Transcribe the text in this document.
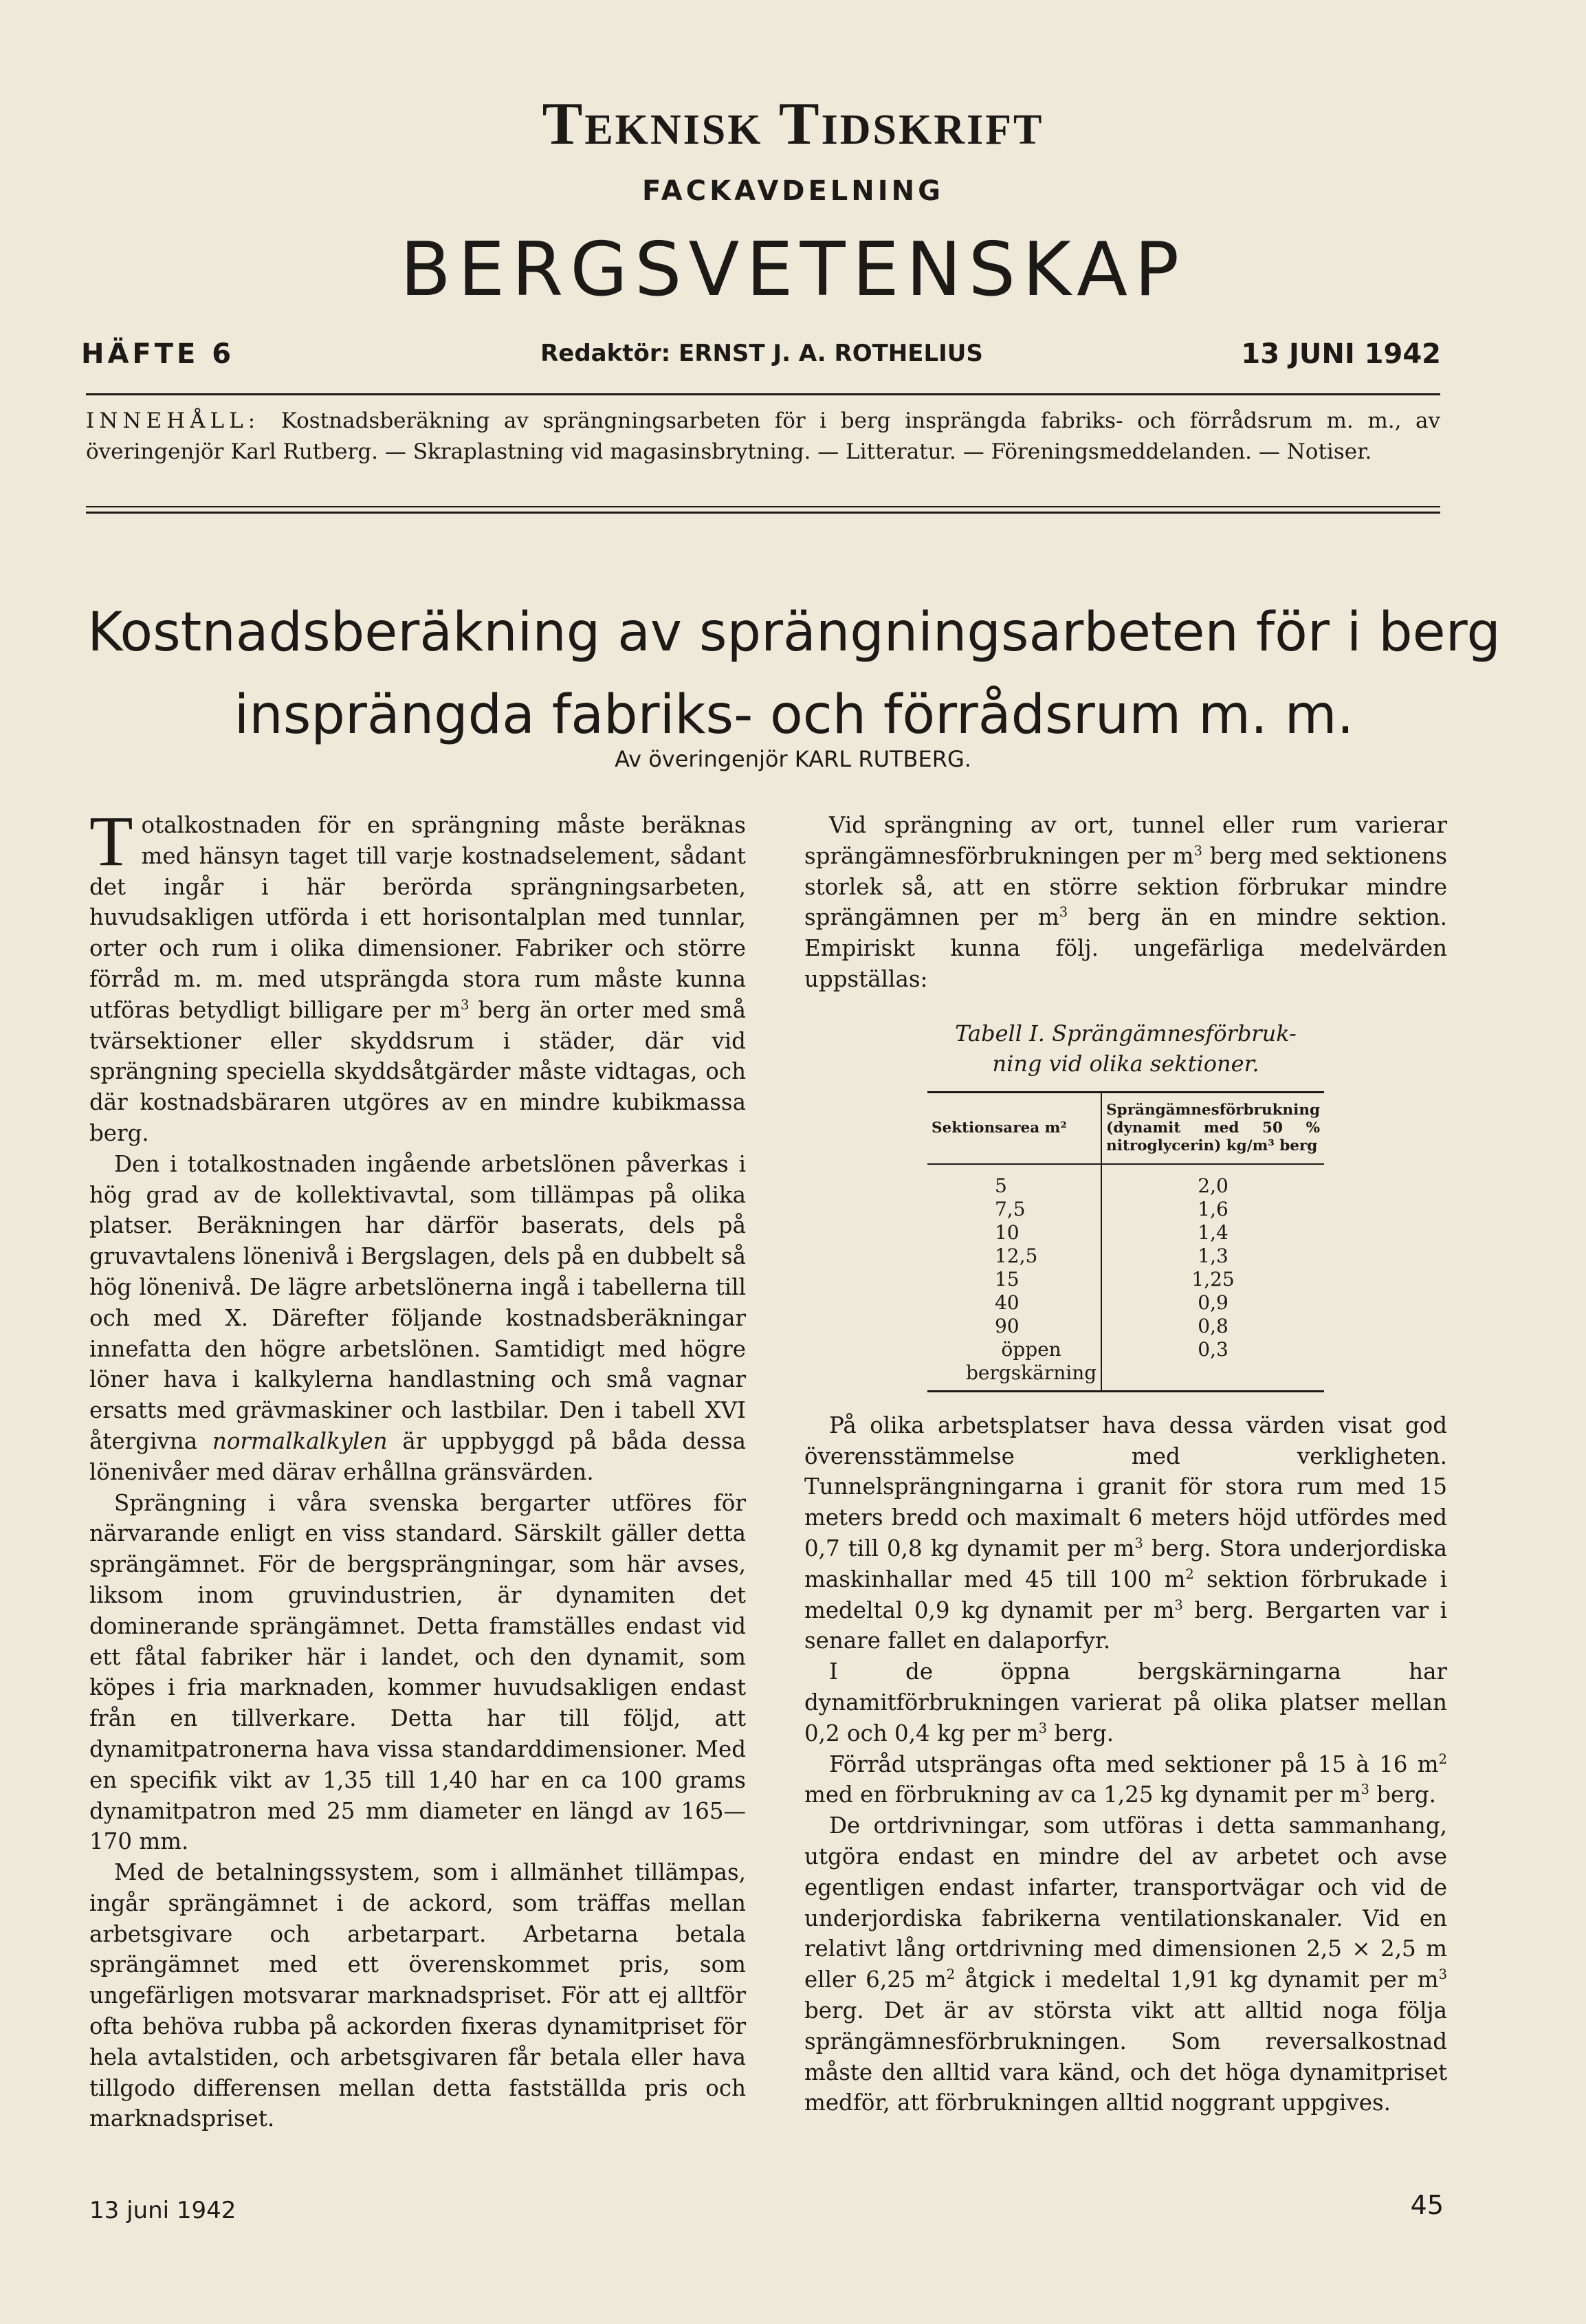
Teknisk Tidskrift
FACKAVDELNING
BERGSVETENSKAP
HÄFTE 6	Redaktör: ERNST J. A. ROTHELIUS	13 JUNI 1942
INNEHÅLL: Kostnadsberäkning av sprängningsarbeten för i berg insprängda fabriks- och förrådsrum m. m., av överingenjör Karl Rutberg. — Skraplastning vid magasinsbrytning. — Litteratur. — Föreningsmeddelanden. — Notiser.
Kostnadsberäkning av sprängningsarbeten för i berg insprängda fabriks- och förrådsrum m. m.
Av överingenjör KARL RUTBERG.

Totalkostnaden för en sprängning måste beräknas med hänsyn taget till varje kostnadselement, sådant det ingår i här berörda sprängningsarbeten, huvudsakligen utförda i ett horisontalplan med tunnlar, orter och rum i olika dimensioner. Fabriker och större förråd m. m. med utsprängda stora rum måste kunna utföras betydligt billigare per $m^3$ berg än orter med små tvärsektioner eller skyddsrum i städer, där vid sprängning speciella skyddsåtgärder måste vidtagas, och där kostnadsbäraren utgöres av en mindre kubikmassa berg.

Den i totalkostnaden ingående arbetslönen påverkas i hög grad av de kollektivavtal, som tillämpas på olika platser. Beräkningen har därför baserats, dels på gruvavtalens lönenivå i Bergslagen, dels på en dubbelt så hög lönenivå. De lägre arbetslönerna ingå i tabellerna till och med X. Därefter följande kostnadsberäkningar innefatta den högre arbetslönen. Samtidigt med högre löner hava i kalkylerna handlastning och små vagnar ersatts med grävmaskiner och lastbilar. Den i tabell XVI återgivna normalkalkylen är uppbyggd på båda dessa lönenivåer med därav erhållna gränsvärden.

Sprängning i våra svenska bergarter utföres för närvarande enligt en viss standard. Särskilt gäller detta sprängämnet. För de bergsprängningar, som här avses, liksom inom gruvindustrien, är dynamiten det dominerande sprängämnet. Detta framställes endast vid ett fåtal fabriker här i landet, och den dynamit, som köpes i fria marknaden, kommer huvudsakligen endast från en tillverkare. Detta har till följd, att dynamitpatronerna hava vissa standarddimensioner. Med en specifik vikt av 1,35 till 1,40 har en ca 100 grams dynamitpatron med 25 mm diameter en längd av 165—170 mm.

Med de betalningssystem, som i allmänhet tillämpas, ingår sprängämnet i de ackord, som träffas mellan arbetsgivare och arbetarpart. Arbetarna betala sprängämnet med ett överenskommet pris, som ungefärligen motsvarar marknadspriset. För att ej alltför ofta behöva rubba på ackorden fixeras dynamitpriset för hela avtalstiden, och arbetsgivaren får betala eller hava tillgodo differensen mellan detta fastställda pris och marknadspriset.

Vid sprängning av ort, tunnel eller rum varierar sprängämnesförbrukningen per $m^3$ berg med sektionens storlek så, att en större sektion förbrukar mindre sprängämnen per $m^3$ berg än en mindre sektion. Empiriskt kunna följ. ungefärliga medelvärden uppställas:

Tabell I. Sprängämnesförbruk-
ning vid olika sektioner.
Sektionsarea m²	Sprängämnesförbrukning (dynamit med 50 % nitroglycerin) kg/m³ berg
5	2,0
7,5	1,6
10	1,4
12,5	1,3
15	1,25
40	0,9
90	0,8
öppen bergskärning	0,3

På olika arbetsplatser hava dessa värden visat god överensstämmelse med verkligheten. Tunnelsprängningarna i granit för stora rum med 15 meters bredd och maximalt 6 meters höjd utfördes med 0,7 till 0,8 kg dynamit per $m^3$ berg. Stora underjordiska maskinhallar med 45 till 100 $m^2$ sektion förbrukade i medeltal 0,9 kg dynamit per $m^3$ berg. Bergarten var i senare fallet en dalaporfyr.

I de öppna bergskärningarna har dynamitförbrukningen varierat på olika platser mellan 0,2 och 0,4 kg per $m^3$ berg.

Förråd utsprängas ofta med sektioner på 15 à 16 $m^2$ med en förbrukning av ca 1,25 kg dynamit per $m^3$ berg.

De ortdrivningar, som utföras i detta sammanhang, utgöra endast en mindre del av arbetet och avse egentligen endast infarter, transportvägar och vid de underjordiska fabrikerna ventilationskanaler. Vid en relativt lång ortdrivning med dimensionen 2,5 × 2,5 m eller 6,25 $m^2$ åtgick i medeltal 1,91 kg dynamit per $m^3$ berg. Det är av största vikt att alltid noga följa sprängämnesförbrukningen. Som reversalkostnad måste den alltid vara känd, och det höga dynamitpriset medför, att förbrukningen alltid noggrant uppgives.

13 juni 1942	45
